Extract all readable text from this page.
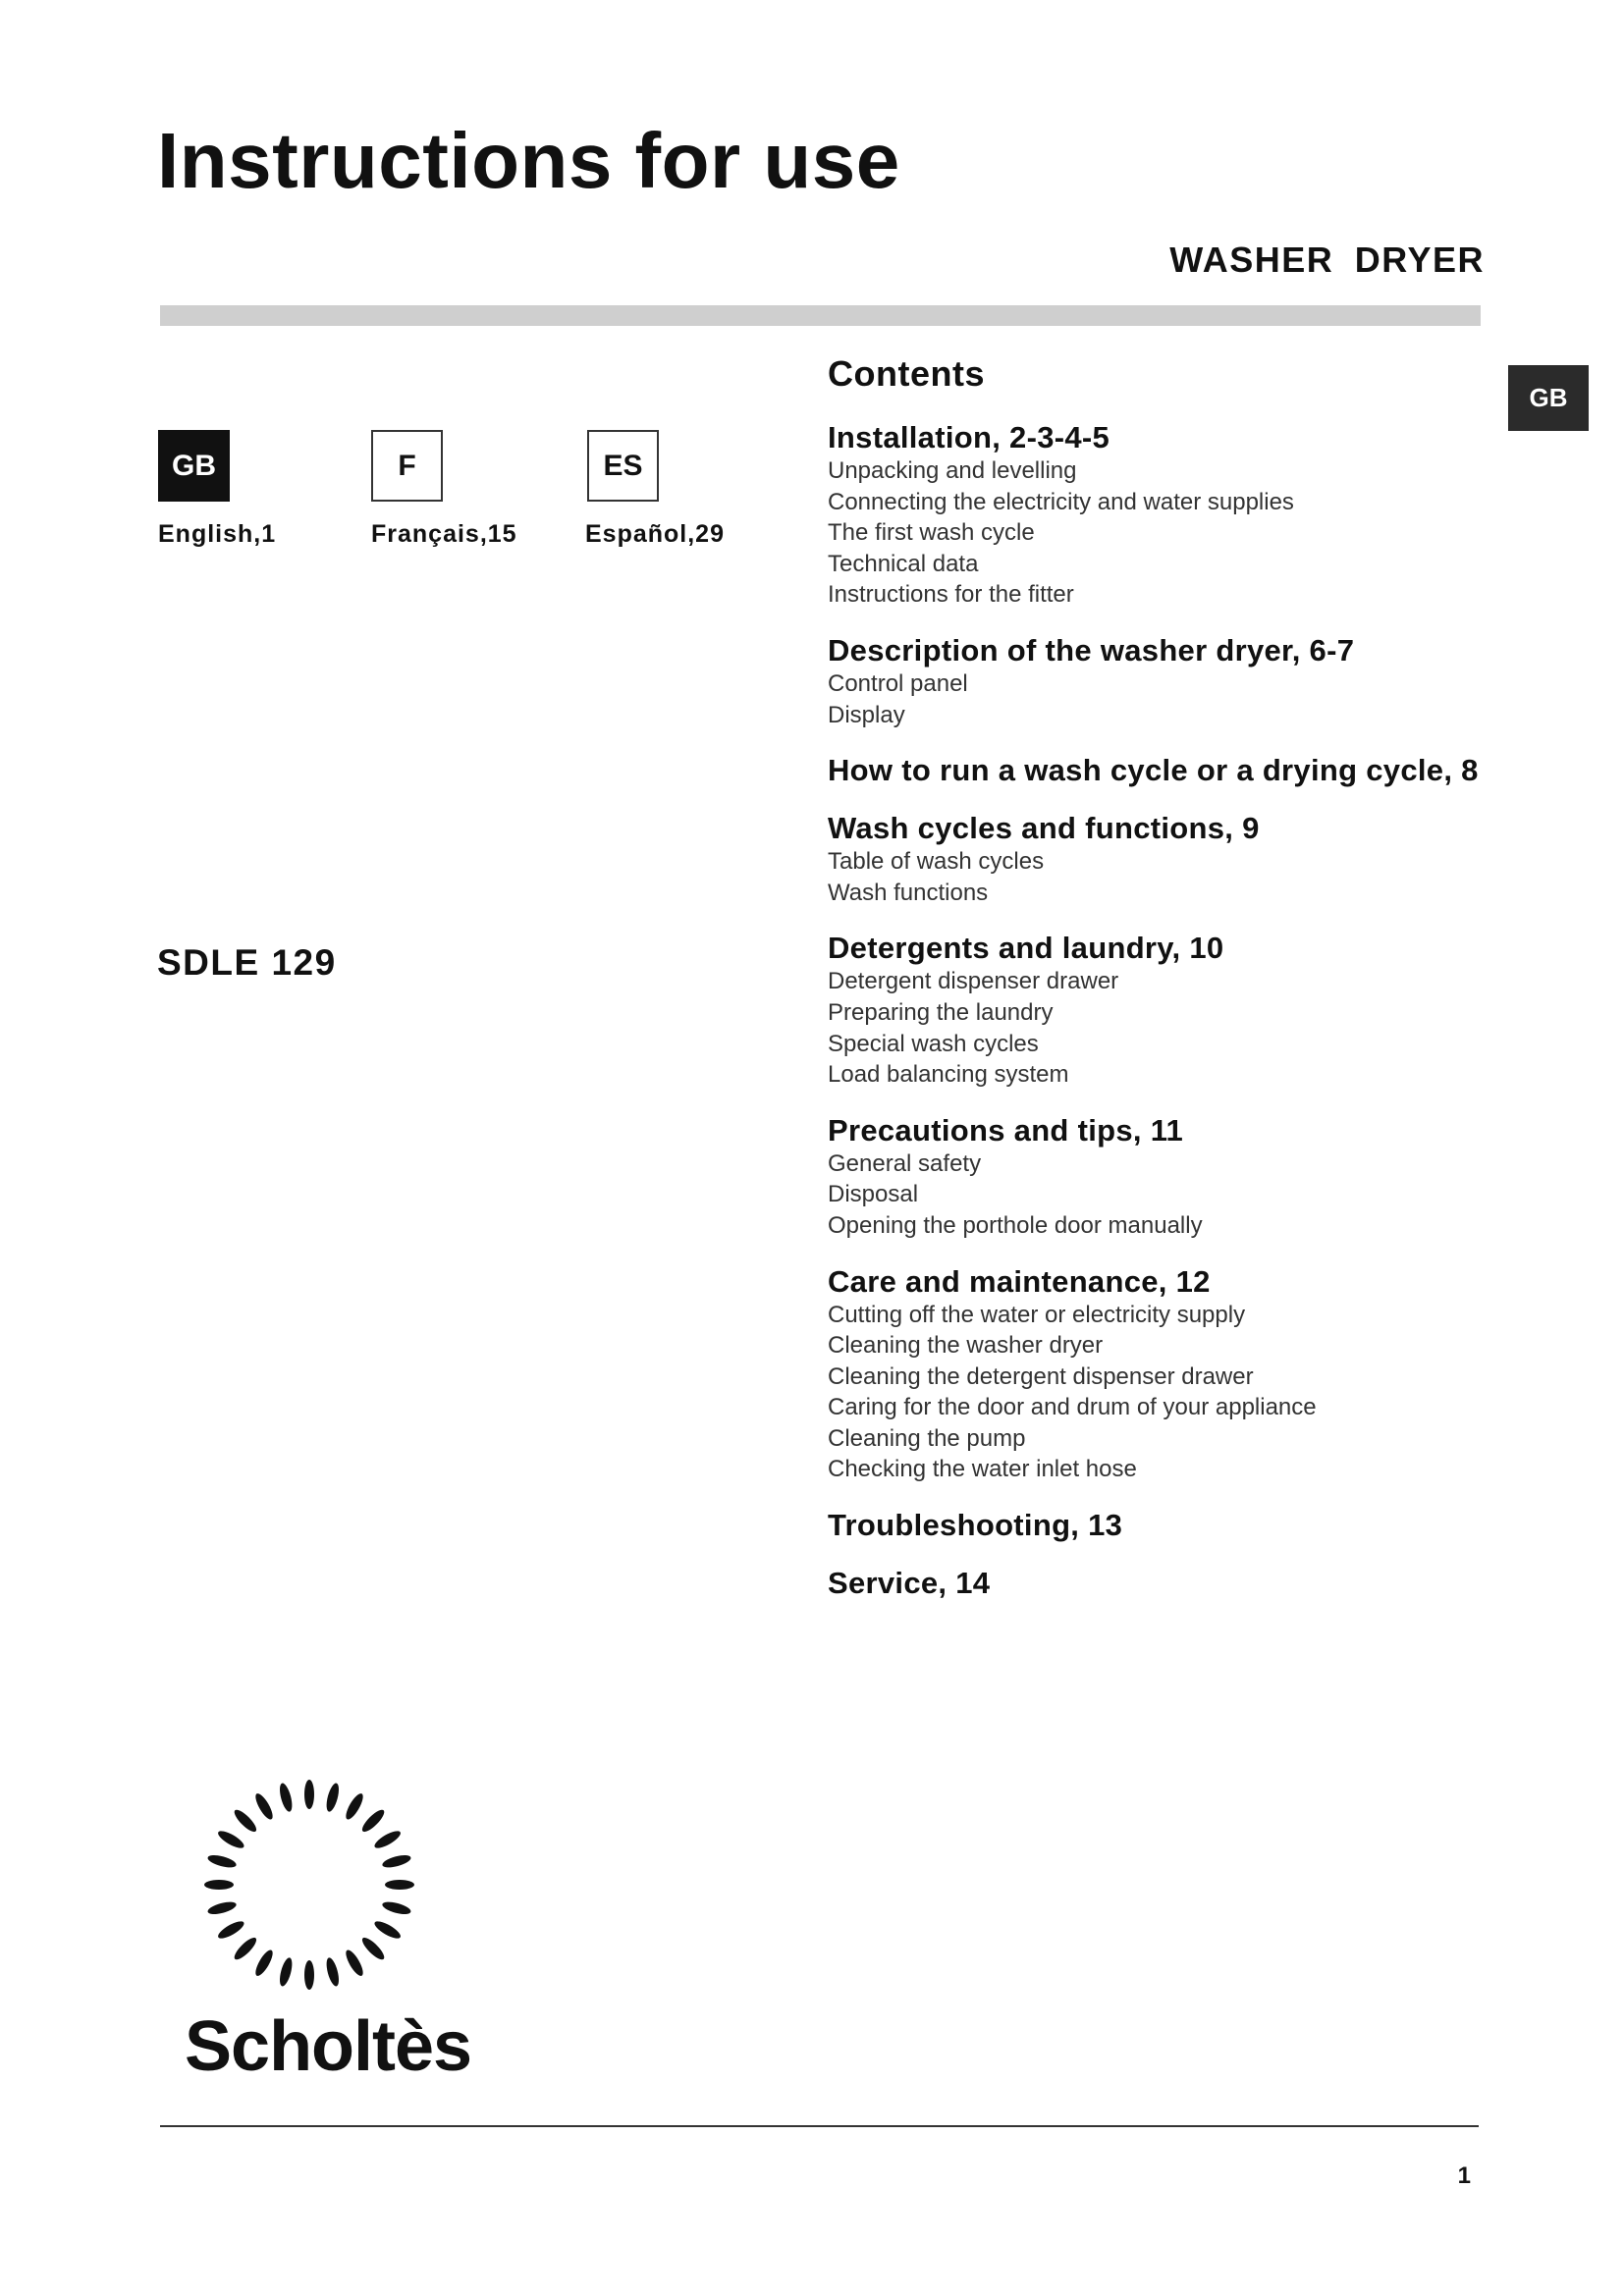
Instructions for use
WASHER DRYER
GB
GB	F	ES
English,1	Français,15	Español,29
SDLE 129
Contents
Installation, 2-3-4-5
Unpacking and levelling
Connecting the electricity and water supplies
The first wash cycle
Technical data
Instructions for the fitter
Description of the washer dryer, 6-7
Control panel
Display
How to run a wash cycle or a drying cycle, 8
Wash cycles and functions, 9
Table of wash cycles
Wash functions
Detergents and laundry, 10
Detergent dispenser drawer
Preparing the laundry
Special wash cycles
Load balancing system
Precautions and tips, 11
General safety
Disposal
Opening the porthole door manually
Care and maintenance, 12
Cutting off the water or electricity supply
Cleaning the washer dryer
Cleaning the detergent dispenser drawer
Caring for the door and drum of your appliance
Cleaning the pump
Checking the water inlet hose
Troubleshooting, 13
Service, 14
Scholtès
1
